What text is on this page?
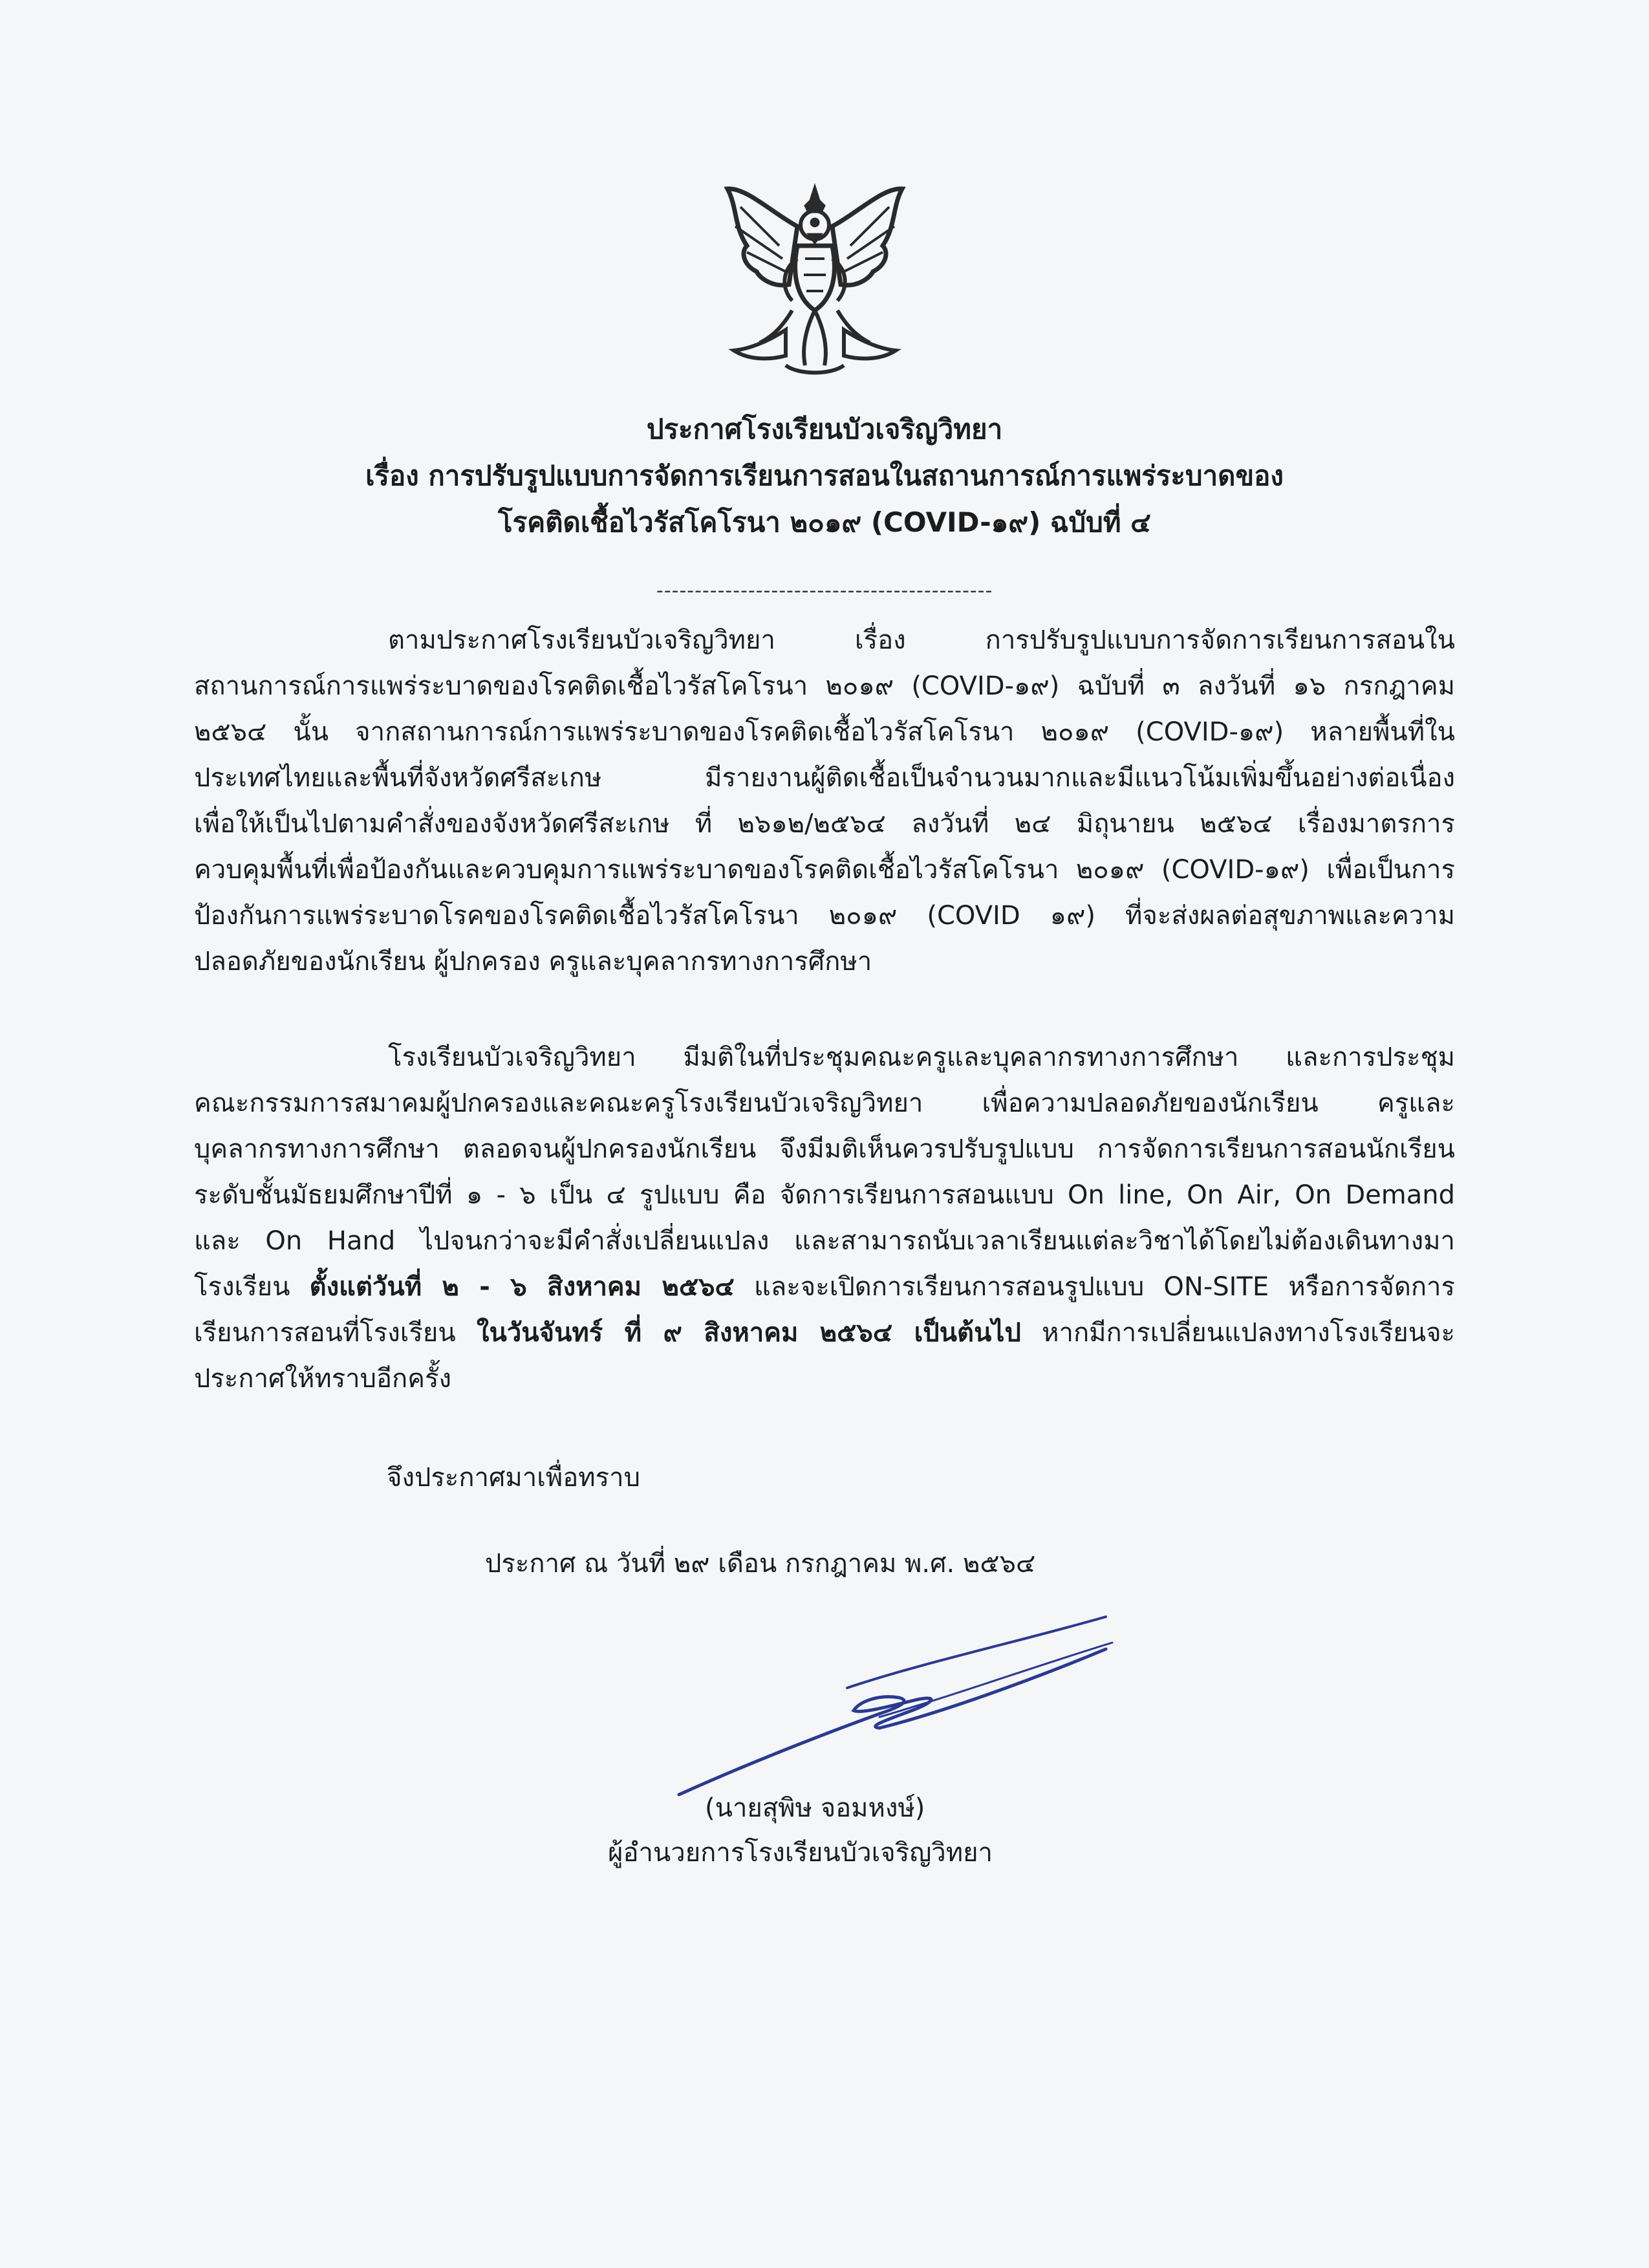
ประกาศโรงเรียนบัวเจริญวิทยา
เรื่อง การปรับรูปแบบการจัดการเรียนการสอนในสถานการณ์การแพร่ระบาดของ
โรคติดเชื้อไวรัสโคโรนา ๒๐๑๙ (COVID-๑๙) ฉบับที่ ๔
--------------------------------------------
ตามประกาศโรงเรียนบัวเจริญวิทยา เรื่อง การปรับรูปแบบการจัดการเรียนการสอนใน
สถานการณ์การแพร่ระบาดของโรคติดเชื้อไวรัสโคโรนา ๒๐๑๙ (COVID-๑๙) ฉบับที่ ๓ ลงวันที่ ๑๖ กรกฎาคม
๒๕๖๔ นั้น จากสถานการณ์การแพร่ระบาดของโรคติดเชื้อไวรัสโคโรนา ๒๐๑๙ (COVID-๑๙) หลายพื้นที่ใน
ประเทศไทยและพื้นที่จังหวัดศรีสะเกษ มีรายงานผู้ติดเชื้อเป็นจำนวนมากและมีแนวโน้มเพิ่มขึ้นอย่างต่อเนื่อง
เพื่อให้เป็นไปตามคำสั่งของจังหวัดศรีสะเกษ ที่ ๒๖๑๒/๒๕๖๔ ลงวันที่ ๒๔ มิถุนายน ๒๕๖๔ เรื่องมาตรการ
ควบคุมพื้นที่เพื่อป้องกันและควบคุมการแพร่ระบาดของโรคติดเชื้อไวรัสโคโรนา ๒๐๑๙ (COVID-๑๙) เพื่อเป็นการ
ป้องกันการแพร่ระบาดโรคของโรคติดเชื้อไวรัสโคโรนา ๒๐๑๙ (COVID ๑๙) ที่จะส่งผลต่อสุขภาพและความ
ปลอดภัยของนักเรียน ผู้ปกครอง ครูและบุคลากรทางการศึกษา
โรงเรียนบัวเจริญวิทยา มีมติในที่ประชุมคณะครูและบุคลากรทางการศึกษา และการประชุม
คณะกรรมการสมาคมผู้ปกครองและคณะครูโรงเรียนบัวเจริญวิทยา เพื่อความปลอดภัยของนักเรียน ครูและ
บุคลากรทางการศึกษา ตลอดจนผู้ปกครองนักเรียน จึงมีมติเห็นควรปรับรูปแบบ การจัดการเรียนการสอนนักเรียน
ระดับชั้นมัธยมศึกษาปีที่ ๑ - ๖ เป็น ๔ รูปแบบ คือ จัดการเรียนการสอนแบบ On line, On Air, On Demand
และ On Hand ไปจนกว่าจะมีคำสั่งเปลี่ยนแปลง และสามารถนับเวลาเรียนแต่ละวิชาได้โดยไม่ต้องเดินทางมา
โรงเรียน ตั้งแต่วันที่ ๒ - ๖ สิงหาคม ๒๕๖๔ และจะเปิดการเรียนการสอนรูปแบบ ON-SITE หรือการจัดการ
เรียนการสอนที่โรงเรียน ในวันจันทร์ ที่ ๙ สิงหาคม ๒๕๖๔ เป็นต้นไป หากมีการเปลี่ยนแปลงทางโรงเรียนจะ
ประกาศให้ทราบอีกครั้ง
จึงประกาศมาเพื่อทราบ
ประกาศ ณ วันที่ ๒๙ เดือน กรกฎาคม พ.ศ. ๒๕๖๔
(นายสุพิษ จอมหงษ์)
ผู้อำนวยการโรงเรียนบัวเจริญวิทยา
